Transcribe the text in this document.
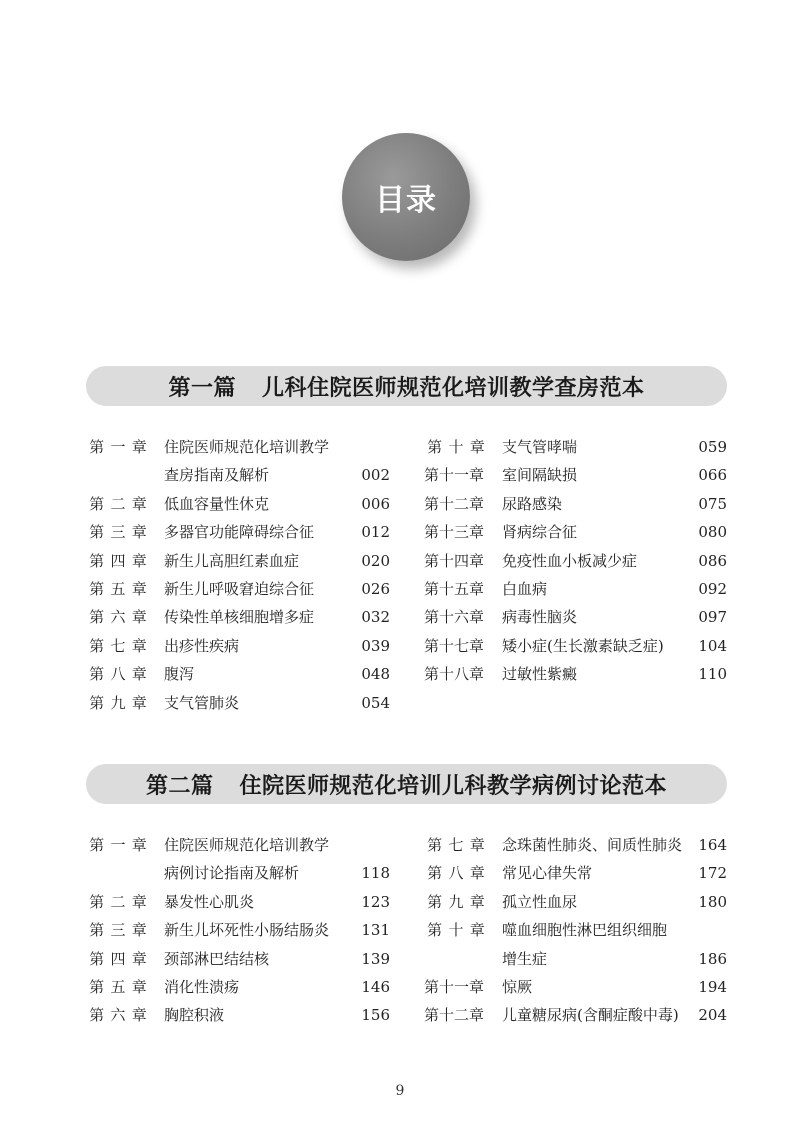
目录
第一篇 儿科住院医师规范化培训教学查房范本
第 一 章 住院医师规范化培训教学
查房指南及解析	002
第 二 章 低血容量性休克	006
第 三 章 多器官功能障碍综合征	012
第 四 章 新生儿高胆红素血症	020
第 五 章 新生儿呼吸窘迫综合征	026
第 六 章 传染性单核细胞增多症	032
第 七 章 出疹性疾病	039
第 八 章 腹泻	048
第 九 章 支气管肺炎	054
第 十 章 支气管哮喘	059
第十一章 室间隔缺损	066
第十二章 尿路感染	075
第十三章 肾病综合征	080
第十四章 免疫性血小板减少症	086
第十五章 白血病	092
第十六章 病毒性脑炎	097
第十七章 矮小症(生长激素缺乏症) 104
第十八章 过敏性紫癜	110
第二篇 住院医师规范化培训儿科教学病例讨论范本
第 一 章 住院医师规范化培训教学
病例讨论指南及解析	118
第 二 章 暴发性心肌炎	123
第 三 章 新生儿坏死性小肠结肠炎 131
第 四 章 颈部淋巴结结核	139
第 五 章 消化性溃疡	146
第 六 章 胸腔积液	156
第 七 章 念珠菌性肺炎、间质性肺炎 164
第 八 章 常见心律失常	172
第 九 章 孤立性血尿	180
第 十 章 噬血细胞性淋巴组织细胞
增生症	186
第十一章 惊厥	194
第十二章 儿童糖尿病(含酮症酸中毒) 204
9
